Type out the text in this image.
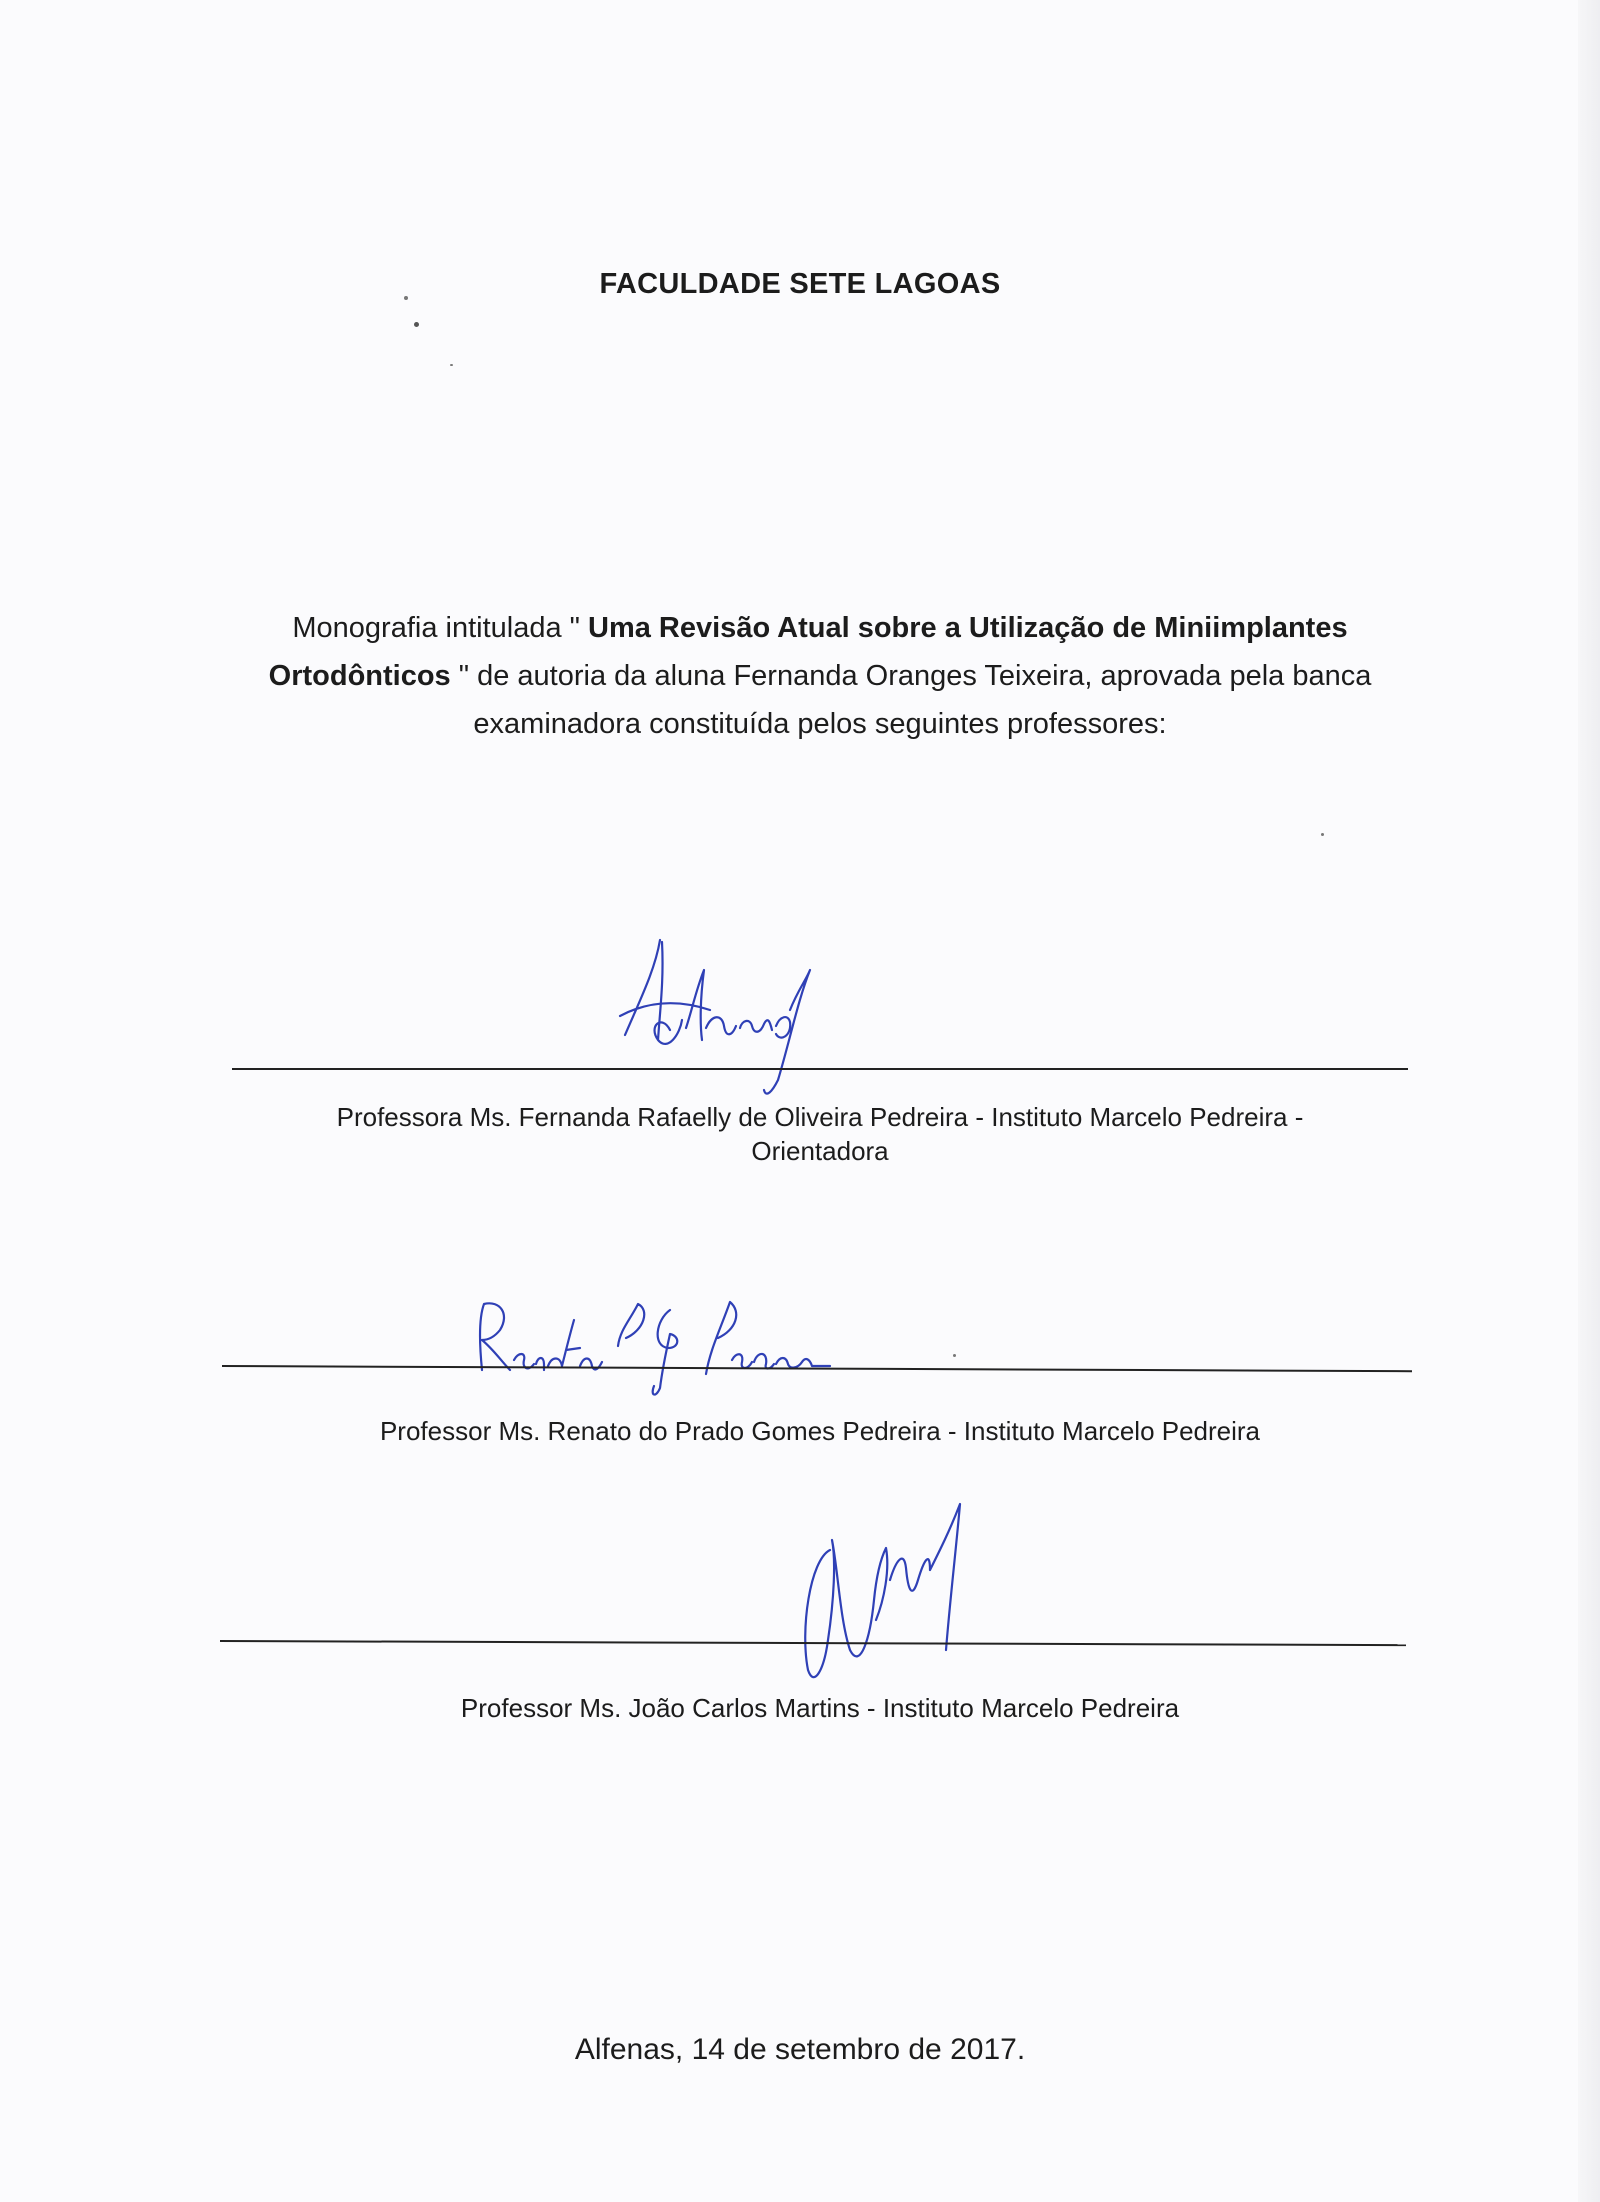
FACULDADE SETE LAGOAS

Monografia intitulada " Uma Revisão Atual sobre a Utilização de Miniimplantes Ortodônticos " de autoria da aluna Fernanda Oranges Teixeira, aprovada pela banca examinadora constituída pelos seguintes professores:

Professora Ms. Fernanda Rafaelly de Oliveira Pedreira - Instituto Marcelo Pedreira -
Orientadora
Professor Ms. Renato do Prado Gomes Pedreira - Instituto Marcelo Pedreira
Professor Ms. João Carlos Martins - Instituto Marcelo Pedreira
Alfenas, 14 de setembro de 2017.
